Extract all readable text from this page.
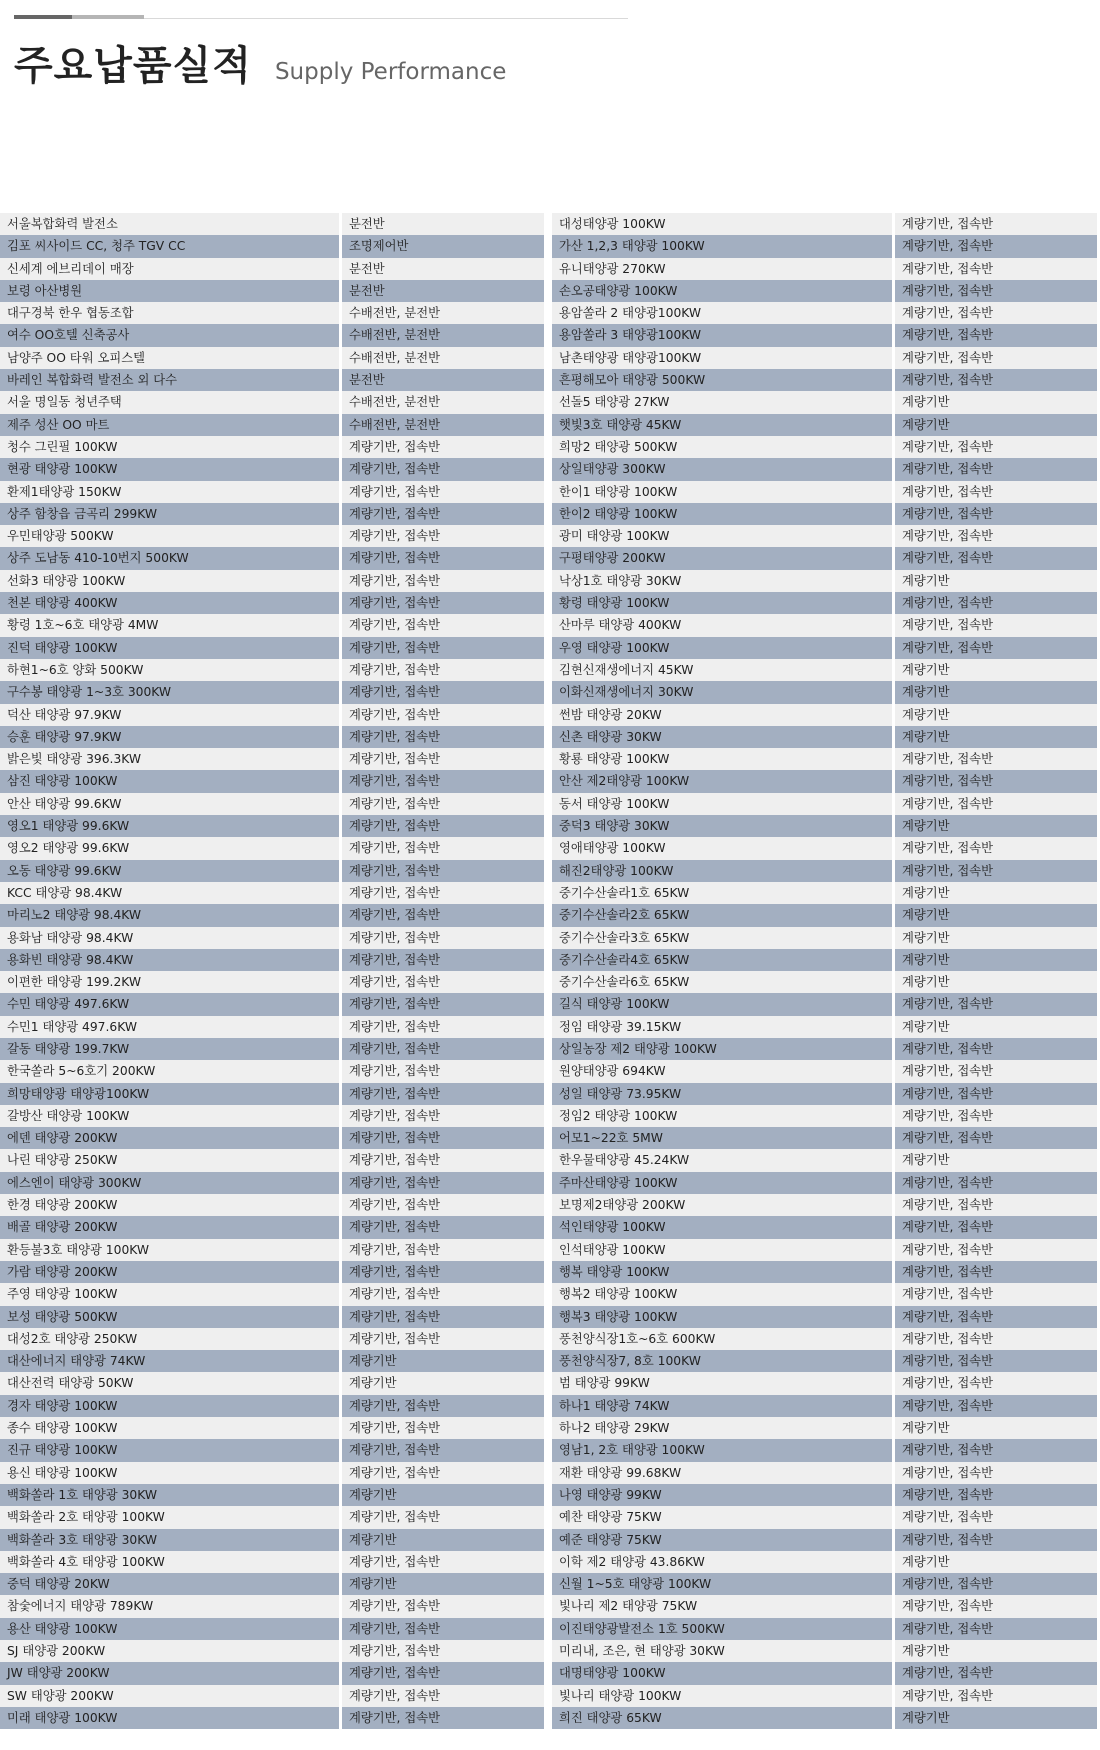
주요납품실적 Supply Performance
서울복합화력 발전소	분전반
김포 씨사이드 CC, 청주 TGV CC	조명제어반
신세계 에브리데이 매장	분전반
보령 아산병원	분전반
대구경북 한우 협동조합	수배전반, 분전반
여수 OO호텔 신축공사	수배전반, 분전반
남양주 OO 타워 오피스텔	수배전반, 분전반
바레인 복합화력 발전소 외 다수	분전반
서울 명일동 청년주택	수배전반, 분전반
제주 성산 OO 마트	수배전반, 분전반
청수 그린필 100KW	계량기반, 접속반
현광 태양광 100KW	계량기반, 접속반
환제1태양광 150KW	계량기반, 접속반
상주 함창읍 금곡리 299KW	계량기반, 접속반
우민태양광 500KW	계량기반, 접속반
상주 도남동 410-10번지 500KW	계량기반, 접속반
선화3 태양광 100KW	계량기반, 접속반
천본 태양광 400KW	계량기반, 접속반
황령 1호~6호 태양광 4MW	계량기반, 접속반
진덕 태양광 100KW	계량기반, 접속반
하현1~6호 양화 500KW	계량기반, 접속반
구수봉 태양광 1~3호 300KW	계량기반, 접속반
덕산 태양광 97.9KW	계량기반, 접속반
승훈 태양광 97.9KW	계량기반, 접속반
밝은빛 태양광 396.3KW	계량기반, 접속반
삼진 태양광 100KW	계량기반, 접속반
안산 태양광 99.6KW	계량기반, 접속반
영오1 태양광 99.6KW	계량기반, 접속반
영오2 태양광 99.6KW	계량기반, 접속반
오동 태양광 99.6KW	계량기반, 접속반
KCC 태양광 98.4KW	계량기반, 접속반
마리노2 태양광 98.4KW	계량기반, 접속반
용화남 태양광 98.4KW	계량기반, 접속반
용화빈 태양광 98.4KW	계량기반, 접속반
이편한 태양광 199.2KW	계량기반, 접속반
수민 태양광 497.6KW	계량기반, 접속반
수민1 태양광 497.6KW	계량기반, 접속반
갈동 태양광 199.7KW	계량기반, 접속반
한국쏠라 5~6호기 200KW	계량기반, 접속반
희망태양광 태양광100KW	계량기반, 접속반
갈방산 태양광 100KW	계량기반, 접속반
에덴 태양광 200KW	계량기반, 접속반
나린 태양광 250KW	계량기반, 접속반
에스엔이 태양광 300KW	계량기반, 접속반
한경 태양광 200KW	계량기반, 접속반
배골 태양광 200KW	계량기반, 접속반
환등불3호 태양광 100KW	계량기반, 접속반
가람 태양광 200KW	계량기반, 접속반
주영 태양광 100KW	계량기반, 접속반
보성 태양광 500KW	계량기반, 접속반
대성2호 태양광 250KW	계량기반, 접속반
대산에너지 태양광 74KW	계량기반
대산전력 태양광 50KW	계량기반
경자 태양광 100KW	계량기반, 접속반
종수 태양광 100KW	계량기반, 접속반
진규 태양광 100KW	계량기반, 접속반
용신 태양광 100KW	계량기반, 접속반
백화쏠라 1호 태양광 30KW	계량기반
백화쏠라 2호 태양광 100KW	계량기반, 접속반
백화쏠라 3호 태양광 30KW	계량기반
백화쏠라 4호 태양광 100KW	계량기반, 접속반
중덕 태양광 20KW	계량기반
참숯에너지 태양광 789KW	계량기반, 접속반
용산 태양광 100KW	계량기반, 접속반
SJ 태양광 200KW	계량기반, 접속반
JW 태양광 200KW	계량기반, 접속반
SW 태양광 200KW	계량기반, 접속반
미래 태양광 100KW	계량기반, 접속반
대성태양광 100KW	계량기반, 접속반
가산 1,2,3 태양광 100KW	계량기반, 접속반
유니태양광 270KW	계량기반, 접속반
손오공태양광 100KW	계량기반, 접속반
용암쏠라 2 태양광100KW	계량기반, 접속반
용암쏠라 3 태양광100KW	계량기반, 접속반
남촌태양광 태양광100KW	계량기반, 접속반
흔평해모아 태양광 500KW	계량기반, 접속반
선돌5 태양광 27KW	계량기반
햇빛3호 태양광 45KW	계량기반
희망2 태양광 500KW	계량기반, 접속반
상일태양광 300KW	계량기반, 접속반
한이1 태양광 100KW	계량기반, 접속반
한이2 태양광 100KW	계량기반, 접속반
광미 태양광 100KW	계량기반, 접속반
구평태양광 200KW	계량기반, 접속반
낙상1호 태양광 30KW	계량기반
황령 태양광 100KW	계량기반, 접속반
산마루 태양광 400KW	계량기반, 접속반
우영 태양광 100KW	계량기반, 접속반
김현신재생에너지 45KW	계량기반
이화신재생에너지 30KW	계량기반
썬밤 태양광 20KW	계량기반
신촌 태양광 30KW	계량기반
황룡 태양광 100KW	계량기반, 접속반
안산 제2태양광 100KW	계량기반, 접속반
동서 태양광 100KW	계량기반, 접속반
중덕3 태양광 30KW	계량기반
영애태양광 100KW	계량기반, 접속반
해진2태양광 100KW	계량기반, 접속반
중기수산솔라1호 65KW	계량기반
중기수산솔라2호 65KW	계량기반
중기수산솔라3호 65KW	계량기반
중기수산솔라4호 65KW	계량기반
중기수산솔라6호 65KW	계량기반
길식 태양광 100KW	계량기반, 접속반
정임 태양광 39.15KW	계량기반
상일농장 제2 태양광 100KW	계량기반, 접속반
원양태양광 694KW	계량기반, 접속반
성일 태양광 73.95KW	계량기반, 접속반
정임2 태양광 100KW	계량기반, 접속반
어모1~22호 5MW	계량기반, 접속반
한우물태양광 45.24KW	계량기반
주마산태양광 100KW	계량기반, 접속반
보명제2태양광 200KW	계량기반, 접속반
석인태양광 100KW	계량기반, 접속반
인석태양광 100KW	계량기반, 접속반
행복 태양광 100KW	계량기반, 접속반
행복2 태양광 100KW	계량기반, 접속반
행복3 태양광 100KW	계량기반, 접속반
풍천양식장1호~6호 600KW	계량기반, 접속반
풍천양식장7, 8호 100KW	계량기반, 접속반
범 태양광 99KW	계량기반, 접속반
하나1 태양광 74KW	계량기반, 접속반
하나2 태양광 29KW	계량기반
영남1, 2호 태양광 100KW	계량기반, 접속반
재환 태양광 99.68KW	계량기반, 접속반
나영 태양광 99KW	계량기반, 접속반
예찬 태양광 75KW	계량기반, 접속반
예준 태양광 75KW	계량기반, 접속반
이학 제2 태양광 43.86KW	계량기반
신월 1~5호 태양광 100KW	계량기반, 접속반
빛나리 제2 태양광 75KW	계량기반, 접속반
이진태양광발전소 1호 500KW	계량기반, 접속반
미리내, 조은, 현 태양광 30KW	계량기반
대명태양광 100KW	계량기반, 접속반
빛나리 태양광 100KW	계량기반, 접속반
희진 태양광 65KW	계량기반
